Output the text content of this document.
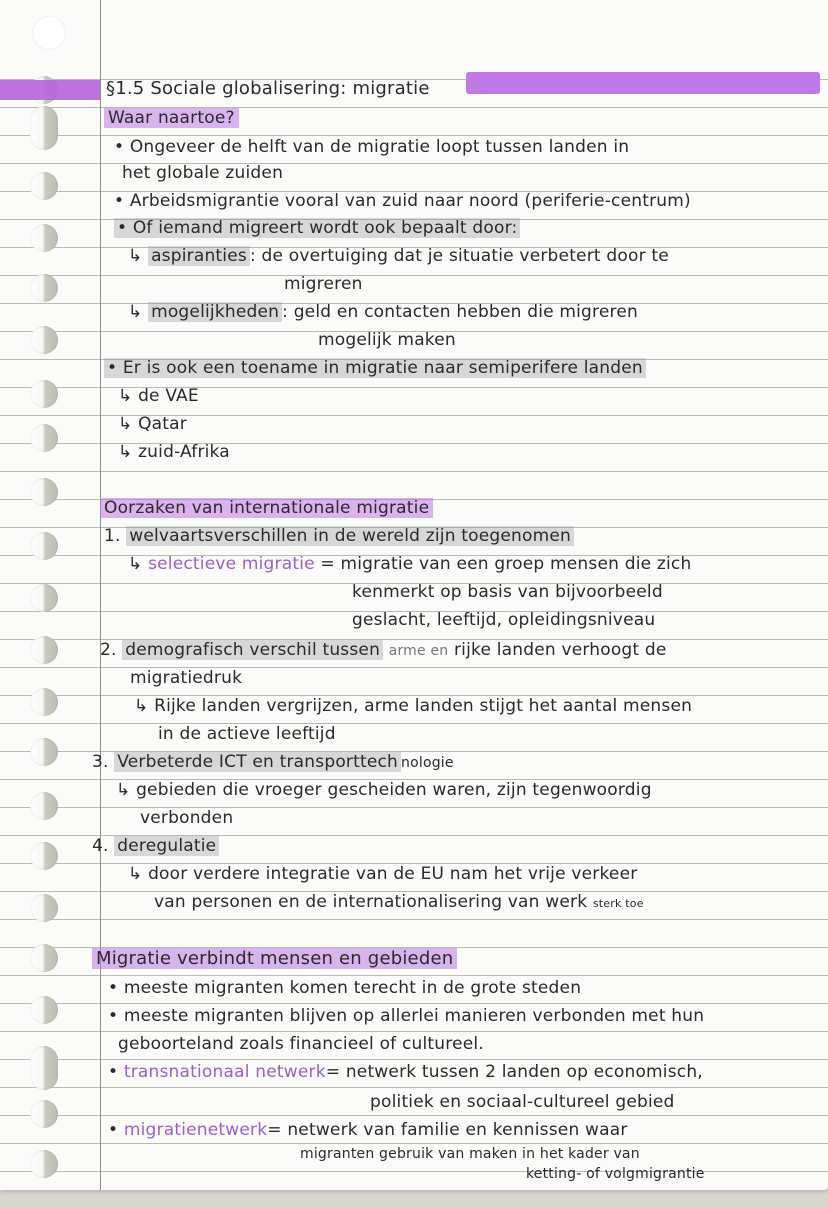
§1.5 Sociale globalisering: migratie
Waar naartoe?
• Ongeveer de helft van de migratie loopt tussen landen in
het globale zuiden
• Arbeidsmigrantie vooral van zuid naar noord (periferie-centrum)
• Of iemand migreert wordt ook bepaalt door:
↳ aspiranties : de overtuiging dat je situatie verbetert door te
migreren
↳ mogelijkheden : geld en contacten hebben die migreren
mogelijk maken
• Er is ook een toename in migratie naar semiperifere landen
↳ de VAE
↳ Qatar
↳ zuid-Afrika
Oorzaken van internationale migratie
1. welvaartsverschillen in de wereld zijn toegenomen
↳ selectieve migratie = migratie van een groep mensen die zich
kenmerkt op basis van bijvoorbeeld
geslacht, leeftijd, opleidingsniveau
2. demografisch verschil tussen arme en rijke landen verhoogt de
migratiedruk
↳ Rijke landen vergrijzen, arme landen stijgt het aantal mensen
in de actieve leeftijd
3. Verbeterde ICT en transporttech nologie
↳ gebieden die vroeger gescheiden waren, zijn tegenwoordig
verbonden
4. deregulatie
↳ door verdere integratie van de EU nam het vrije verkeer
van personen en de internationalisering van werk sterk toe
Migratie verbindt mensen en gebieden
• meeste migranten komen terecht in de grote steden
• meeste migranten blijven op allerlei manieren verbonden met hun
geboorteland zoals financieel of cultureel.
• transnationaal netwerk= netwerk tussen 2 landen op economisch,
politiek en sociaal-cultureel gebied
• migratienetwerk= netwerk van familie en kennissen waar
migranten gebruik van maken in het kader van
ketting- of volgmigrantie
